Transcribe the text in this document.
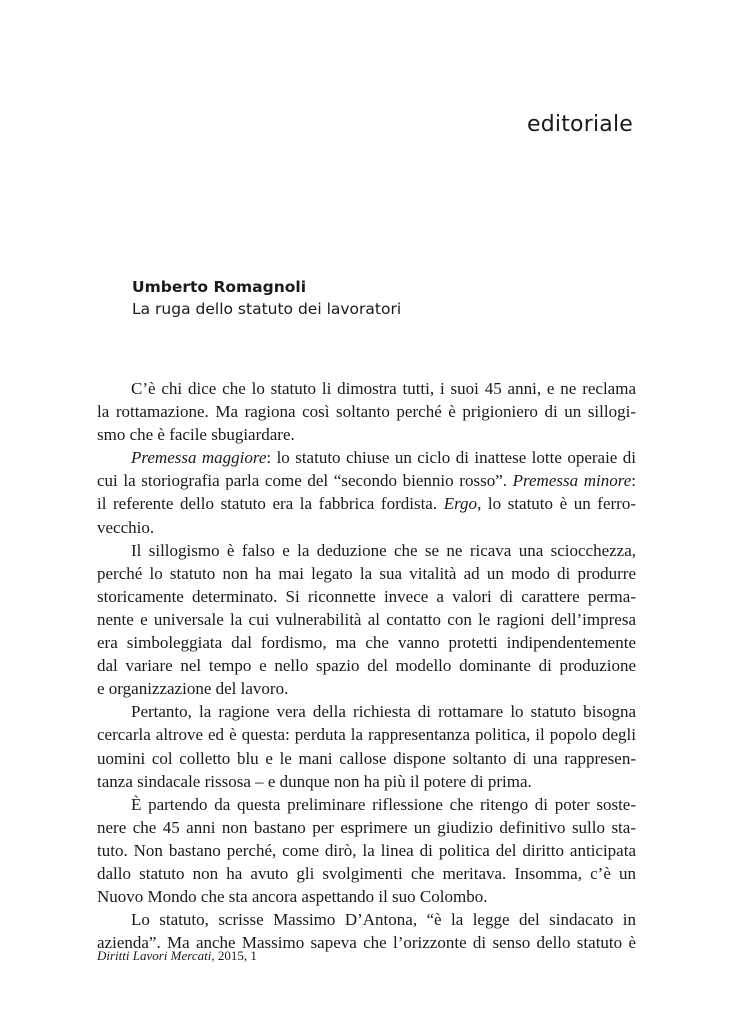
editoriale
Umberto Romagnoli
La ruga dello statuto dei lavoratori
C’è chi dice che lo statuto li dimostra tutti, i suoi 45 anni, e ne reclama
la rottamazione. Ma ragiona così soltanto perché è prigioniero di un sillogi-
smo che è facile sbugiardare.
Premessa maggiore: lo statuto chiuse un ciclo di inattese lotte operaie di
cui la storiografia parla come del “secondo biennio rosso”. Premessa minore:
il referente dello statuto era la fabbrica fordista. Ergo, lo statuto è un ferro-
vecchio.
Il sillogismo è falso e la deduzione che se ne ricava una sciocchezza,
perché lo statuto non ha mai legato la sua vitalità ad un modo di produrre
storicamente determinato. Si riconnette invece a valori di carattere perma-
nente e universale la cui vulnerabilità al contatto con le ragioni dell’impresa
era simboleggiata dal fordismo, ma che vanno protetti indipendentemente
dal variare nel tempo e nello spazio del modello dominante di produzione
e organizzazione del lavoro.
Pertanto, la ragione vera della richiesta di rottamare lo statuto bisogna
cercarla altrove ed è questa: perduta la rappresentanza politica, il popolo degli
uomini col colletto blu e le mani callose dispone soltanto di una rappresen-
tanza sindacale rissosa – e dunque non ha più il potere di prima.
È partendo da questa preliminare riflessione che ritengo di poter soste-
nere che 45 anni non bastano per esprimere un giudizio definitivo sullo sta-
tuto. Non bastano perché, come dirò, la linea di politica del diritto anticipata
dallo statuto non ha avuto gli svolgimenti che meritava. Insomma, c’è un
Nuovo Mondo che sta ancora aspettando il suo Colombo.
Lo statuto, scrisse Massimo D’Antona, “è la legge del sindacato in
azienda”. Ma anche Massimo sapeva che l’orizzonte di senso dello statuto è
Diritti Lavori Mercati, 2015, 1
